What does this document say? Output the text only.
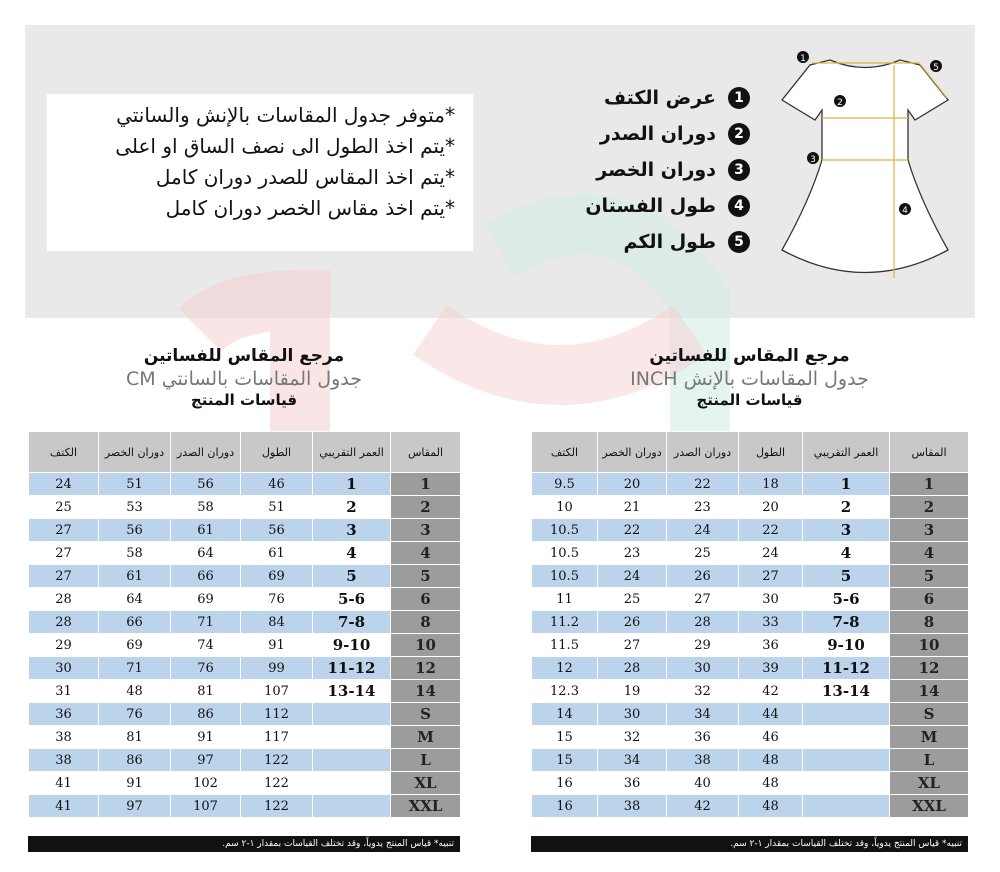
*متوفر جدول المقاسات بالإنش والسانتي
*يتم اخذ الطول الى نصف الساق او اعلى
*يتم اخذ المقاس للصدر دوران كامل
*يتم اخذ مقاس الخصر دوران كامل
1
عرض الكتف
2
دوران الصدر
3
دوران الخصر
4
طول الفستان
5
طول الكم
1
2
3
4
5
مرجع المقاس للفساتين
جدول المقاسات بالسانتي CM
قياسات المنتج
الكتف	دوران الخصر	دوران الصدر	الطول	العمر التقريبي	المقاس
24	51	56	46	1	1
25	53	58	51	2	2
27	56	61	56	3	3
27	58	64	61	4	4
27	61	66	69	5	5
28	64	69	76	5-6	6
28	66	71	84	7-8	8
29	69	74	91	9-10	10
30	71	76	99	11-12	12
31	48	81	107	13-14	14
36	76	86	112		S
38	81	91	117		M
38	86	97	122		L
41	91	102	122		XL
41	97	107	122		XXL
تنبيه* قياس المنتج يدوياً، وقد تختلف القياسات بمقدار ١-٢ سم.
مرجع المقاس للفساتين
جدول المقاسات بالإنش INCH
قياسات المنتج
الكتف	دوران الخصر	دوران الصدر	الطول	العمر التقريبي	المقاس
9.5	20	22	18	1	1
10	21	23	20	2	2
10.5	22	24	22	3	3
10.5	23	25	24	4	4
10.5	24	26	27	5	5
11	25	27	30	5-6	6
11.2	26	28	33	7-8	8
11.5	27	29	36	9-10	10
12	28	30	39	11-12	12
12.3	19	32	42	13-14	14
14	30	34	44		S
15	32	36	46		M
15	34	38	48		L
16	36	40	48		XL
16	38	42	48		XXL
تنبيه* قياس المنتج يدوياً، وقد تختلف القياسات بمقدار ١-٢ سم.
